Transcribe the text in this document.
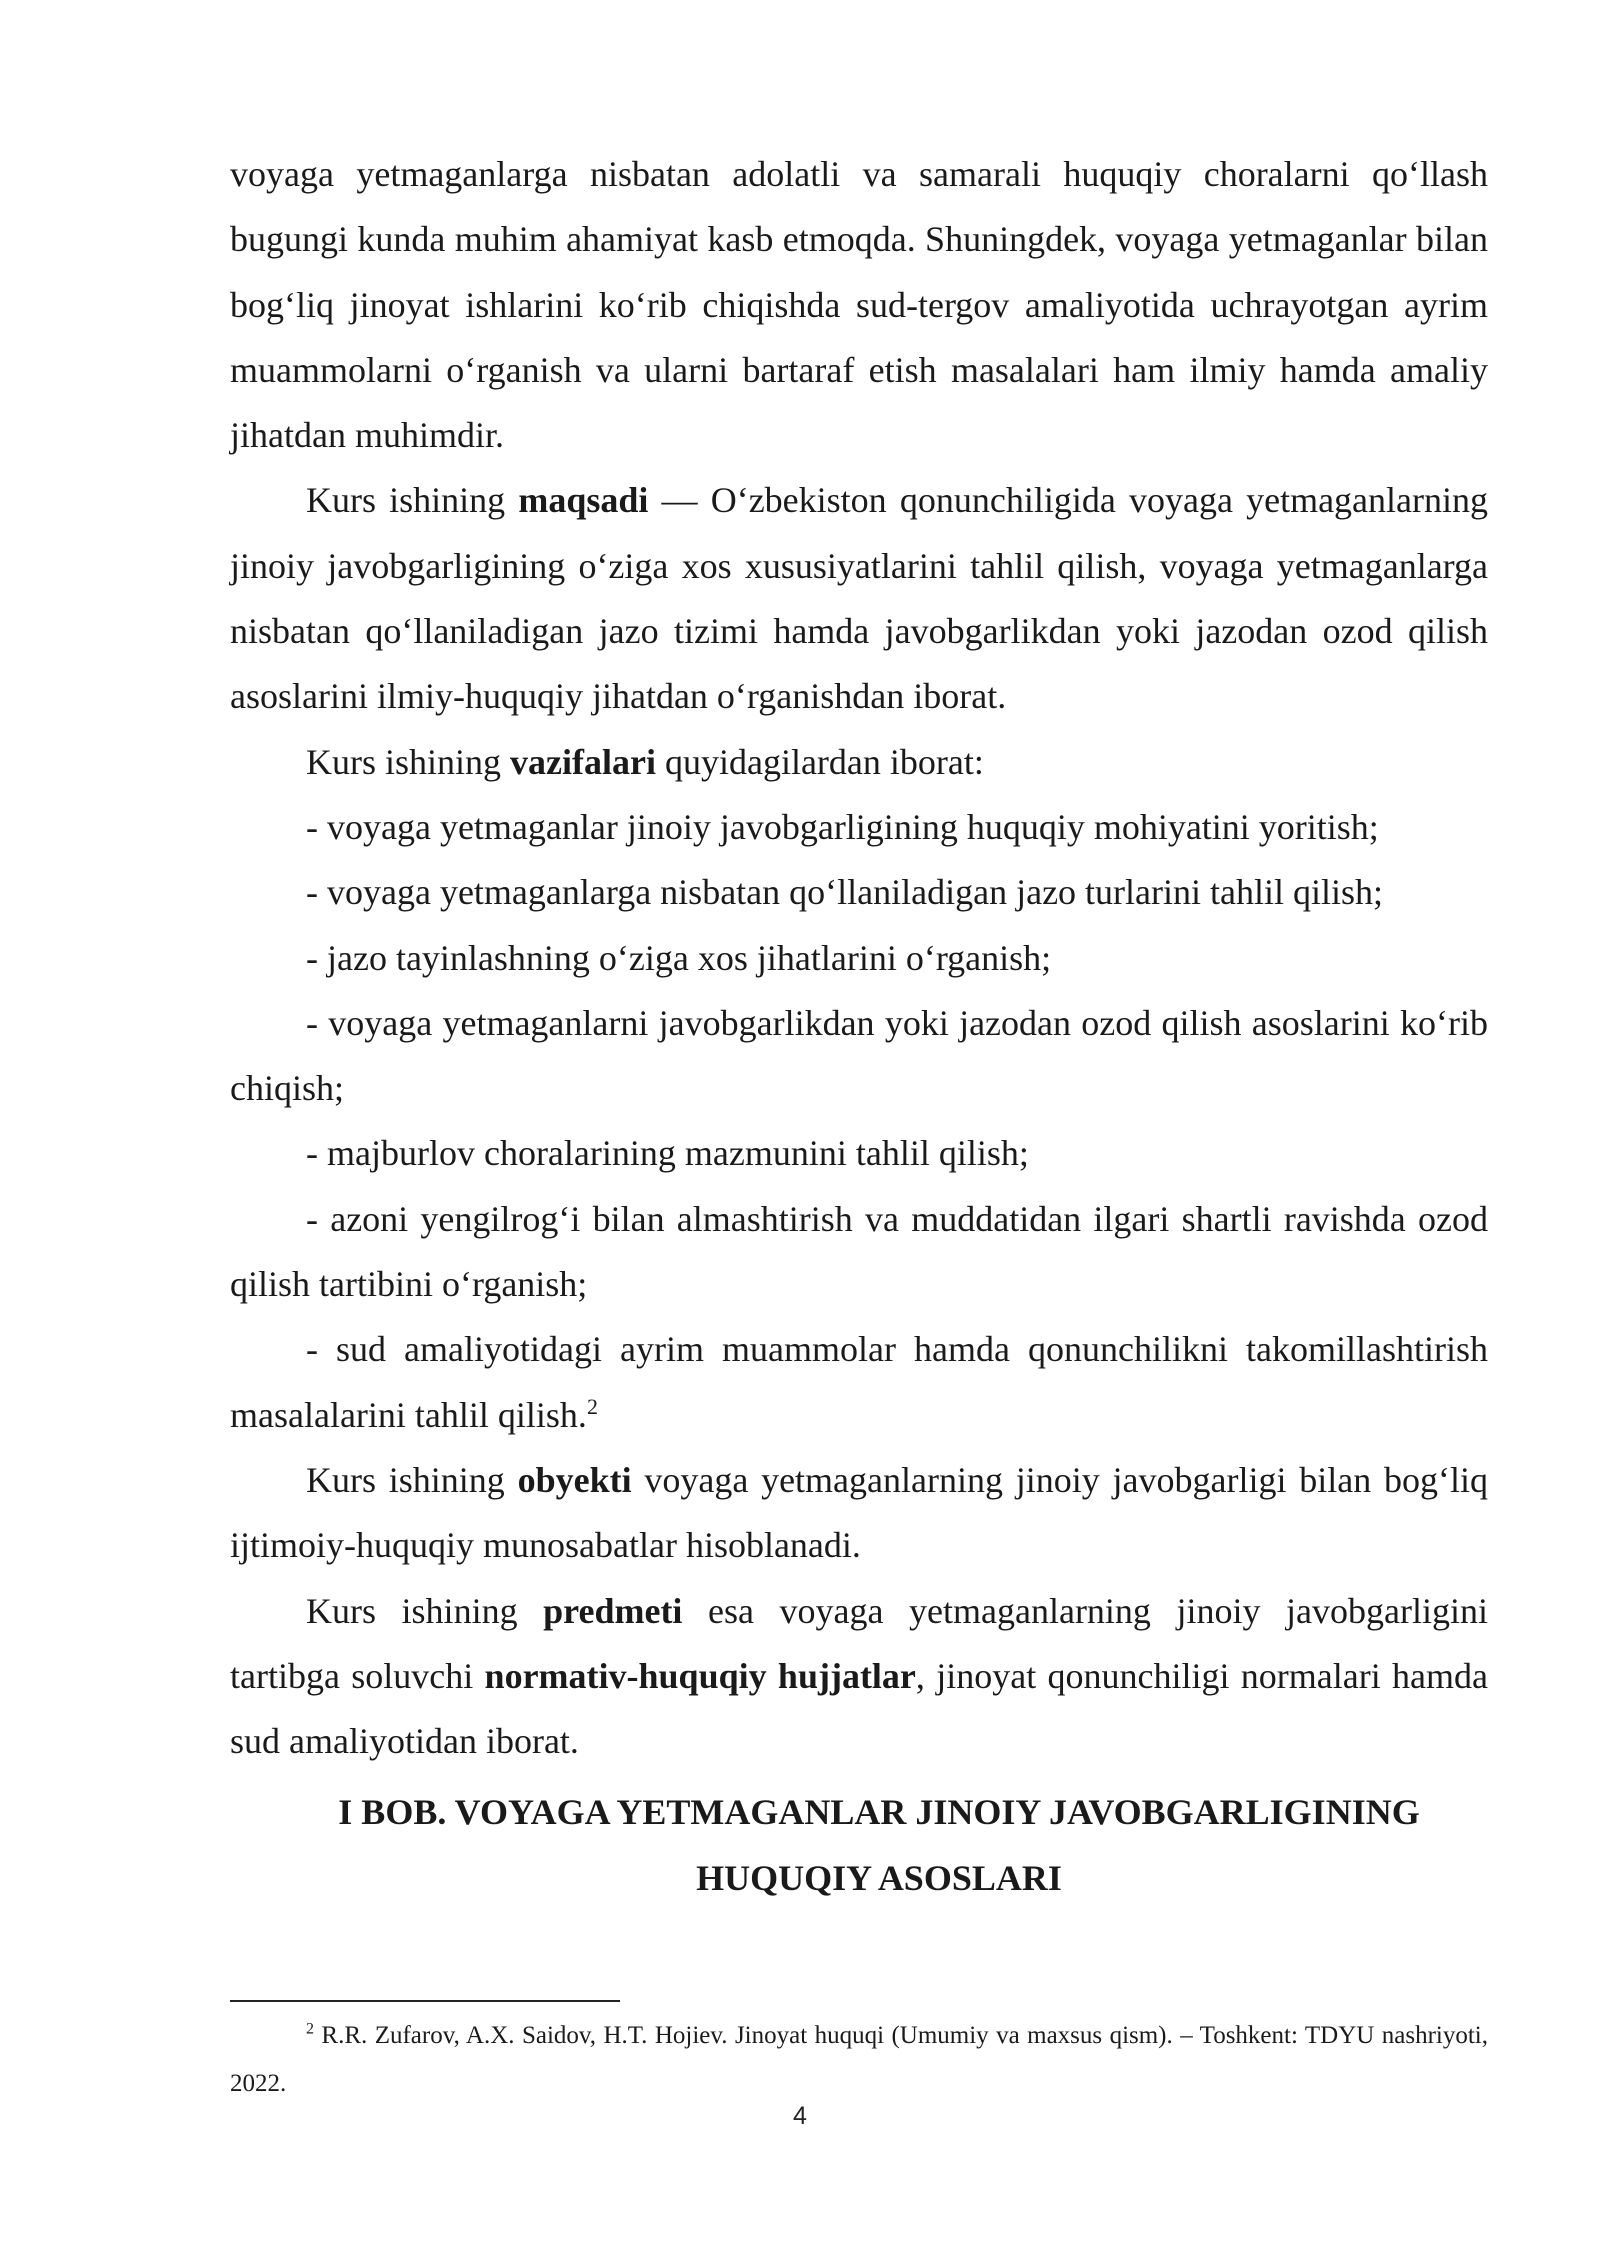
voyaga yetmaganlarga nisbatan adolatli va samarali huquqiy choralarni qo‘llash bugungi kunda muhim ahamiyat kasb etmoqda. Shuningdek, voyaga yetmaganlar bilan bog‘liq jinoyat ishlarini ko‘rib chiqishda sud-tergov amaliyotida uchrayotgan ayrim muammolarni o‘rganish va ularni bartaraf etish masalalari ham ilmiy hamda amaliy jihatdan muhimdir.

Kurs ishining maqsadi — O‘zbekiston qonunchiligida voyaga yetmaganlarning jinoiy javobgarligining o‘ziga xos xususiyatlarini tahlil qilish, voyaga yetmaganlarga nisbatan qo‘llaniladigan jazo tizimi hamda javobgarlikdan yoki jazodan ozod qilish asoslarini ilmiy-huquqiy jihatdan o‘rganishdan iborat.

Kurs ishining vazifalari quyidagilardan iborat:

- voyaga yetmaganlar jinoiy javobgarligining huquqiy mohiyatini yoritish;

- voyaga yetmaganlarga nisbatan qo‘llaniladigan jazo turlarini tahlil qilish;

- jazo tayinlashning o‘ziga xos jihatlarini o‘rganish;

- voyaga yetmaganlarni javobgarlikdan yoki jazodan ozod qilish asoslarini ko‘rib chiqish;

- majburlov choralarining mazmunini tahlil qilish;

- azoni yengilrog‘i bilan almashtirish va muddatidan ilgari shartli ravishda ozod qilish tartibini o‘rganish;

- sud amaliyotidagi ayrim muammolar hamda qonunchilikni takomillashtirish masalalarini tahlil qilish.$^2$

Kurs ishining obyekti voyaga yetmaganlarning jinoiy javobgarligi bilan bog‘liq ijtimoiy-huquqiy munosabatlar hisoblanadi.

Kurs ishining predmeti esa voyaga yetmaganlarning jinoiy javobgarligini tartibga soluvchi normativ-huquqiy hujjatlar, jinoyat qonunchiligi normalari hamda sud amaliyotidan iborat.

I BOB. VOYAGA YETMAGANLAR JINOIY JAVOBGARLIGINING
HUQUQIY ASOSLARI

$^2$ R.R. Zufarov, A.X. Saidov, H.T. Hojiev. Jinoyat huquqi (Umumiy va maxsus qism). – Toshkent: TDYU nashriyoti, 2022.

4
